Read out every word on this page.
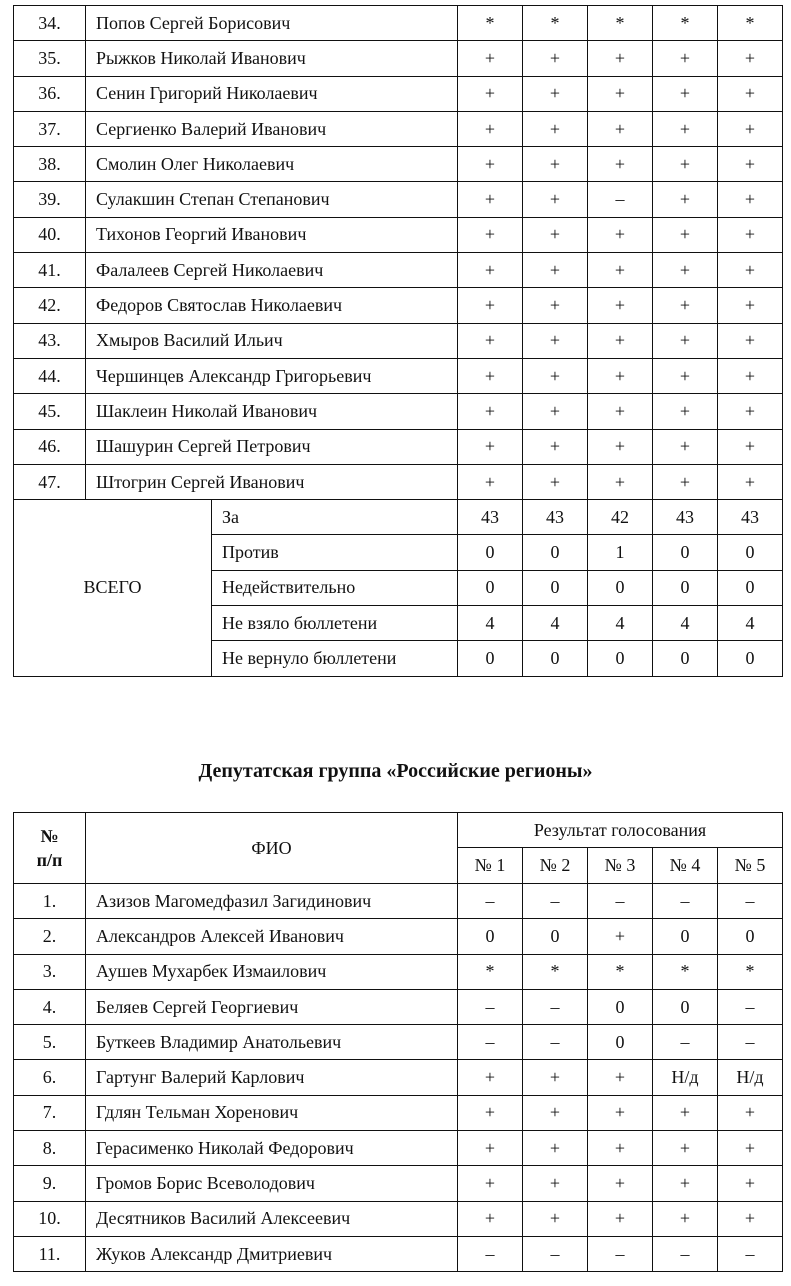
34.	Попов Сергей Борисович		*	*	*	*	*
35.	Рыжков Николай Иванович		+	+	+	+	+
36.	Сенин Григорий Николаевич		+	+	+	+	+
37.	Сергиенко Валерий Иванович		+	+	+	+	+
38.	Смолин Олег Николаевич		+	+	+	+	+
39.	Сулакшин Степан Степанович		+	+	–	+	+
40.	Тихонов Георгий Иванович		+	+	+	+	+
41.	Фалалеев Сергей Николаевич		+	+	+	+	+
42.	Федоров Святослав Николаевич		+	+	+	+	+
43.	Хмыров Василий Ильич		+	+	+	+	+
44.	Чершинцев Александр Григорьевич		+	+	+	+	+
45.	Шаклеин Николай Иванович		+	+	+	+	+
46.	Шашурин Сергей Петрович		+	+	+	+	+
47.	Штогрин Сергей Иванович		+	+	+	+	+
ВСЕГО		За	43	43	42	43	43
		Против	0	0	1	0	0
		Недействительно	0	0	0	0	0
		Не взяло бюллетени	4	4	4	4	4
		Не вернуло бюллетени	0	0	0	0	0
Депутатская группа «Российские регионы»
№
п/п	ФИО	Результат голосования				
		№ 1	№ 2	№ 3	№ 4	№ 5
1.	Азизов Магомедфазил Загидинович	–	–	–	–	–
2.	Александров Алексей Иванович	0	0	+	0	0
3.	Аушев Мухарбек Измаилович	*	*	*	*	*
4.	Беляев Сергей Георгиевич	–	–	0	0	–
5.	Буткеев Владимир Анатольевич	–	–	0	–	–
6.	Гартунг Валерий Карлович	+	+	+	Н/д	Н/д
7.	Гдлян Тельман Хоренович	+	+	+	+	+
8.	Герасименко Николай Федорович	+	+	+	+	+
9.	Громов Борис Всеволодович	+	+	+	+	+
10.	Десятников Василий Алексеевич	+	+	+	+	+
11.	Жуков Александр Дмитриевич	–	–	–	–	–
